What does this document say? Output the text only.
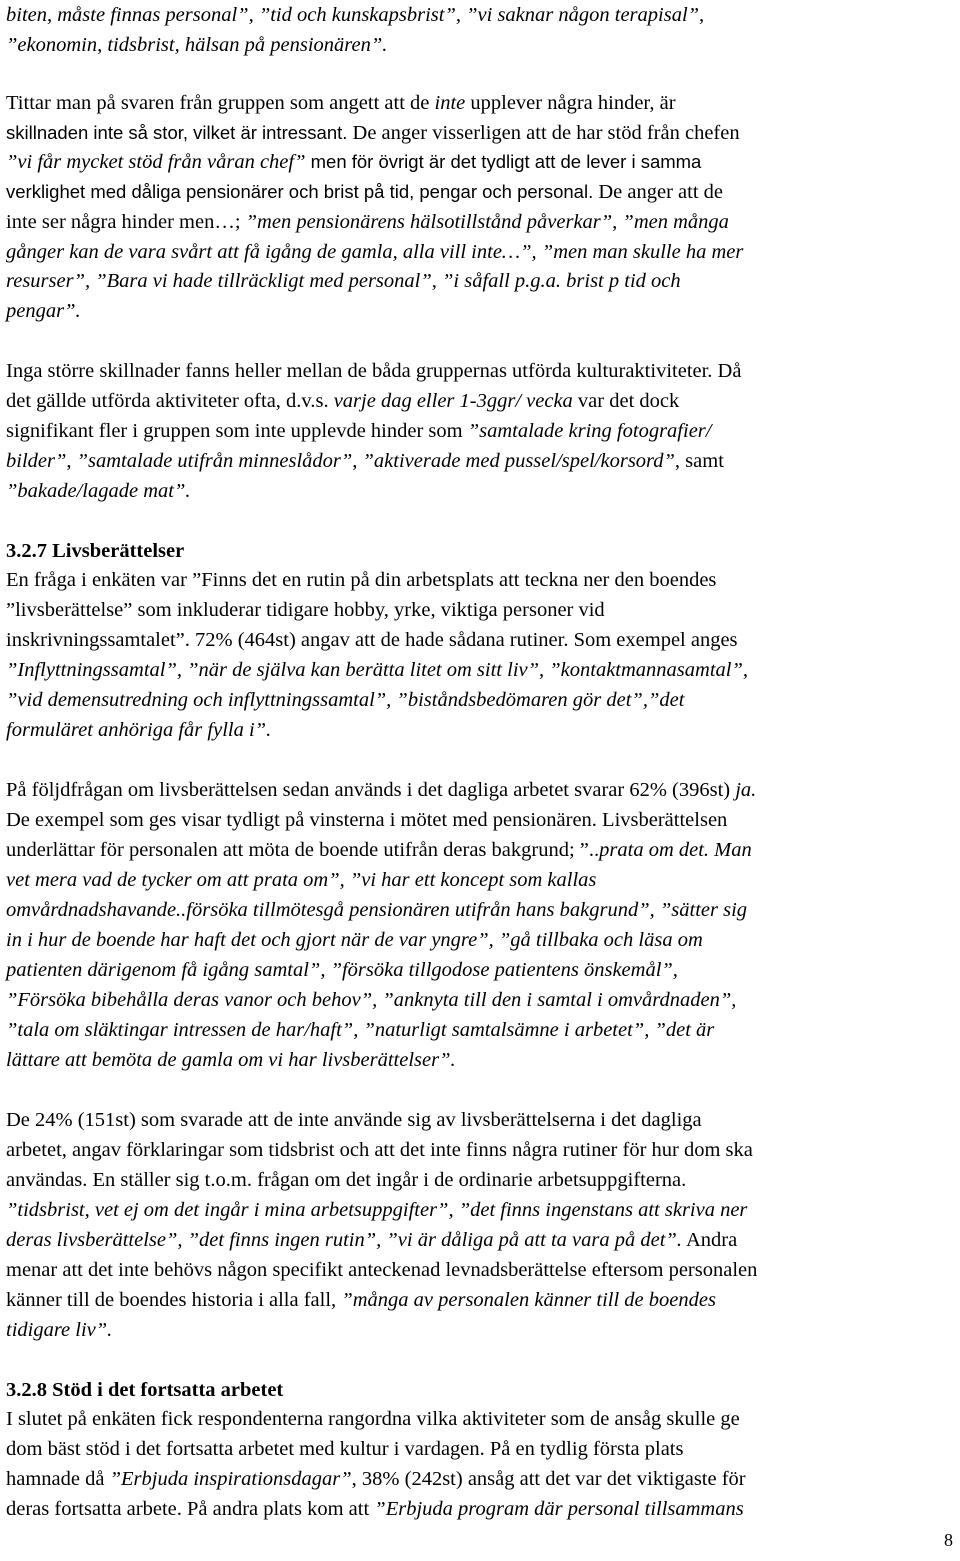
biten, måste finnas personal”, ”tid och kunskapsbrist”, ”vi saknar någon terapisal”,
”ekonomin, tidsbrist, hälsan på pensionären”.
Tittar man på svaren från gruppen som angett att de inte upplever några hinder, är
skillnaden inte så stor, vilket är intressant. De anger visserligen att de har stöd från chefen
”vi får mycket stöd från våran chef” men för övrigt är det tydligt att de lever i samma
verklighet med dåliga pensionärer och brist på tid, pengar och personal. De anger att de
inte ser några hinder men…; ”men pensionärens hälsotillstånd påverkar”, ”men många
gånger kan de vara svårt att få igång de gamla, alla vill inte…”, ”men man skulle ha mer
resurser”, ”Bara vi hade tillräckligt med personal”, ”i såfall p.g.a. brist p tid och
pengar”.
Inga större skillnader fanns heller mellan de båda gruppernas utförda kulturaktiviteter. Då
det gällde utförda aktiviteter ofta, d.v.s. varje dag eller 1-3ggr/ vecka var det dock
signifikant fler i gruppen som inte upplevde hinder som ”samtalade kring fotografier/
bilder”, ”samtalade utifrån minneslådor”, ”aktiverade med pussel/spel/korsord”, samt
”bakade/lagade mat”.
3.2.7 Livsberättelser
En fråga i enkäten var ”Finns det en rutin på din arbetsplats att teckna ner den boendes
”livsberättelse” som inkluderar tidigare hobby, yrke, viktiga personer vid
inskrivningssamtalet”. 72% (464st) angav att de hade sådana rutiner. Som exempel anges
”Inflyttningssamtal”, ”när de själva kan berätta litet om sitt liv”, ”kontaktmannasamtal”,
”vid demensutredning och inflyttningssamtal”, ”biståndsbedömaren gör det”,”det
formuläret anhöriga får fylla i”.
På följdfrågan om livsberättelsen sedan används i det dagliga arbetet svarar 62% (396st) ja.
De exempel som ges visar tydligt på vinsterna i mötet med pensionären. Livsberättelsen
underlättar för personalen att möta de boende utifrån deras bakgrund; ”..prata om det. Man
vet mera vad de tycker om att prata om”, ”vi har ett koncept som kallas
omvårdnadshavande..försöka tillmötesgå pensionären utifrån hans bakgrund”, ”sätter sig
in i hur de boende har haft det och gjort när de var yngre”, ”gå tillbaka och läsa om
patienten därigenom få igång samtal”, ”försöka tillgodose patientens önskemål”,
”Försöka bibehålla deras vanor och behov”, ”anknyta till den i samtal i omvårdnaden”,
”tala om släktingar intressen de har/haft”, ”naturligt samtalsämne i arbetet”, ”det är
lättare att bemöta de gamla om vi har livsberättelser”.
De 24% (151st) som svarade att de inte använde sig av livsberättelserna i det dagliga
arbetet, angav förklaringar som tidsbrist och att det inte finns några rutiner för hur dom ska
användas. En ställer sig t.o.m. frågan om det ingår i de ordinarie arbetsuppgifterna.
”tidsbrist, vet ej om det ingår i mina arbetsuppgifter”, ”det finns ingenstans att skriva ner
deras livsberättelse”, ”det finns ingen rutin”, ”vi är dåliga på att ta vara på det”. Andra
menar att det inte behövs någon specifikt anteckenad levnadsberättelse eftersom personalen
känner till de boendes historia i alla fall, ”många av personalen känner till de boendes
tidigare liv”.
3.2.8 Stöd i det fortsatta arbetet
I slutet på enkäten fick respondenterna rangordna vilka aktiviteter som de ansåg skulle ge
dom bäst stöd i det fortsatta arbetet med kultur i vardagen. På en tydlig första plats
hamnade då ”Erbjuda inspirationsdagar”, 38% (242st) ansåg att det var det viktigaste för
deras fortsatta arbete. På andra plats kom att ”Erbjuda program där personal tillsammans
8
